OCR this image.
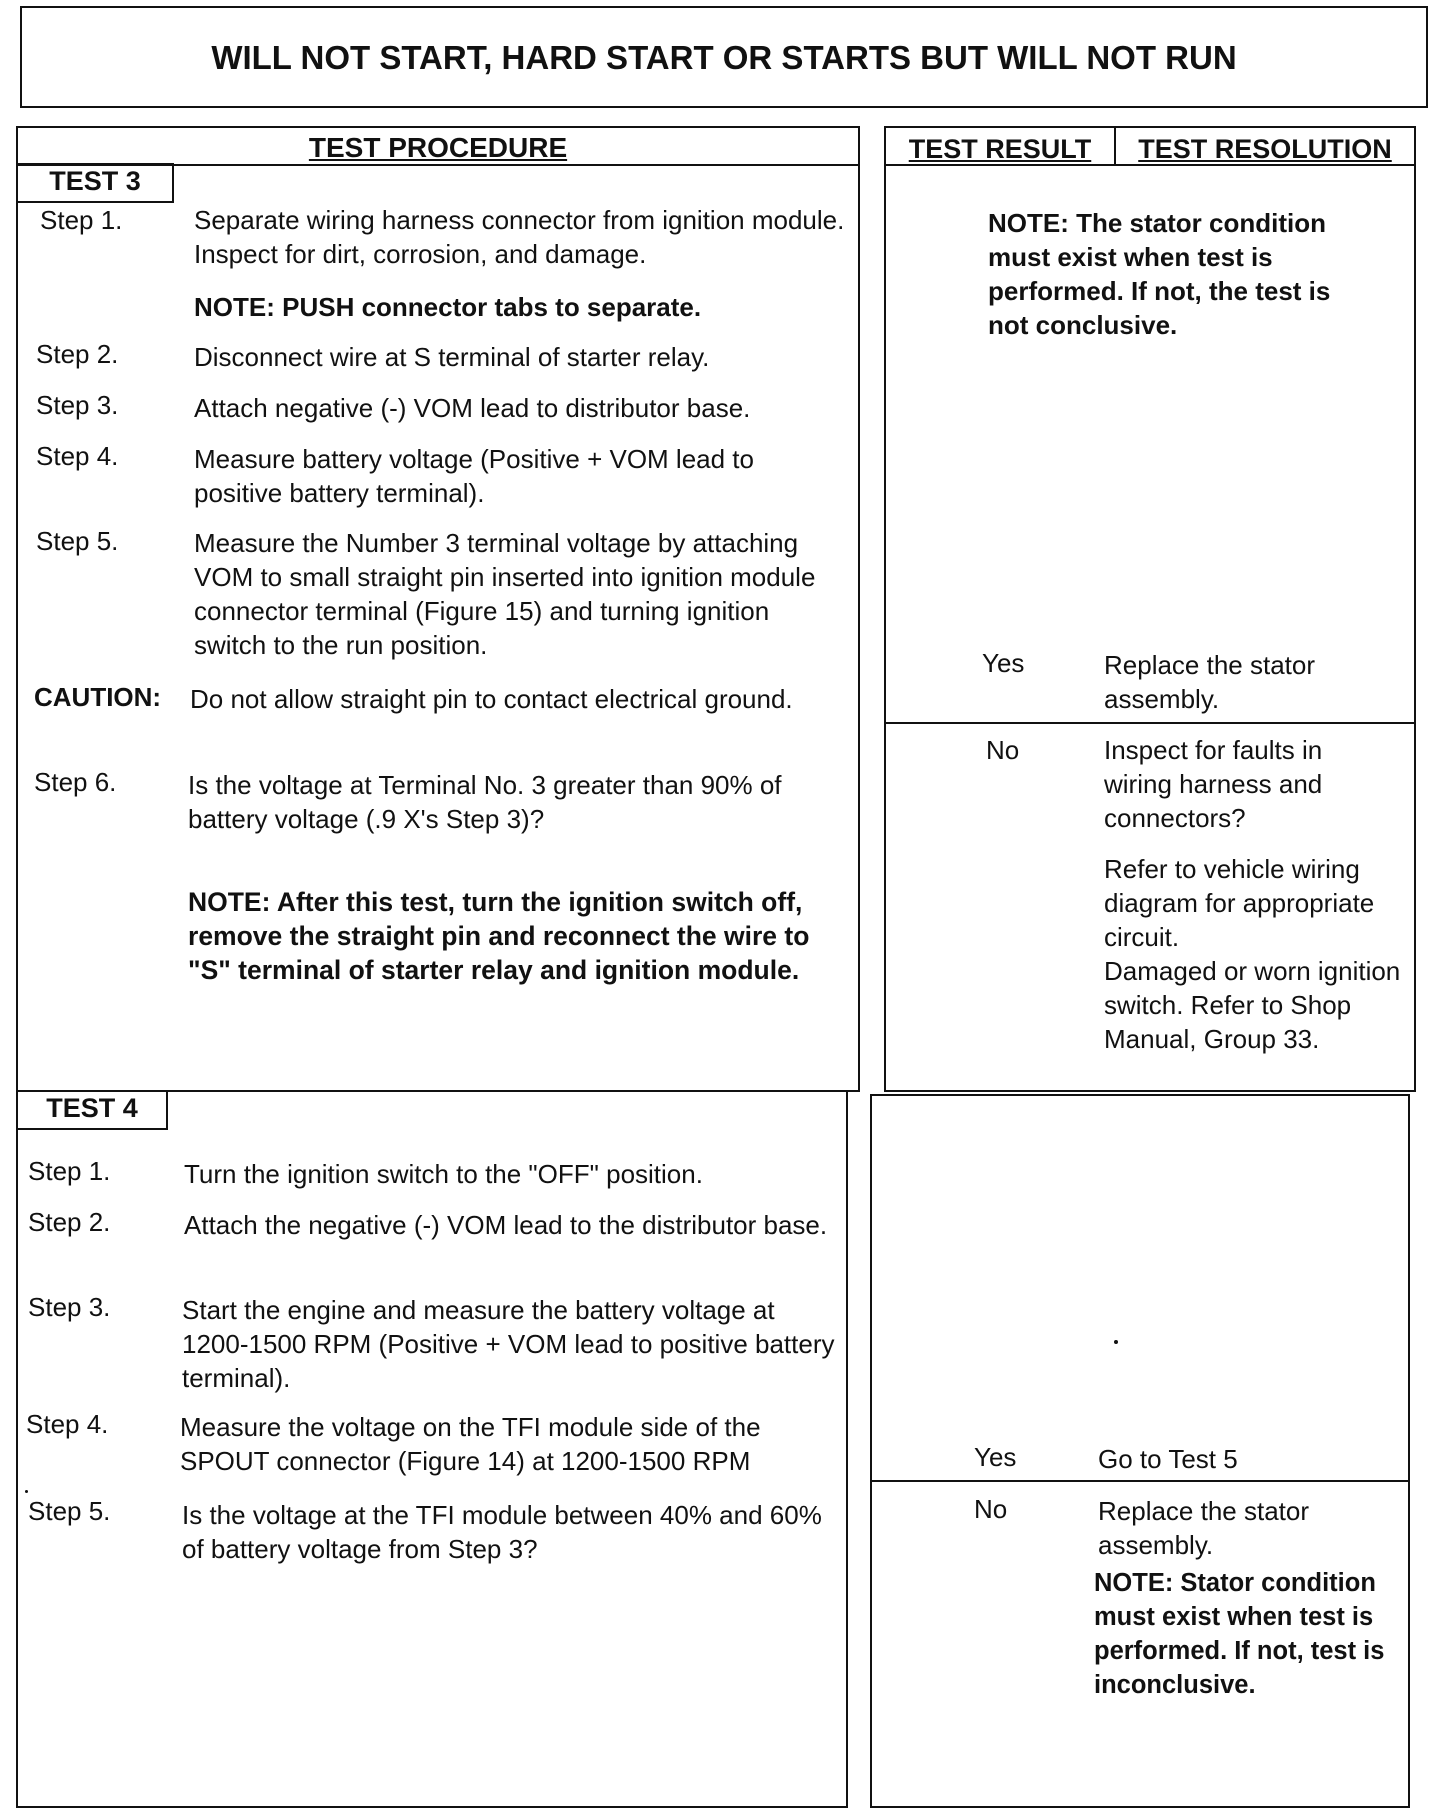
WILL NOT START, HARD START OR STARTS BUT WILL NOT RUN
TEST PROCEDURE
TEST 3
Step 1.	Separate wiring harness connector from ignition module. Inspect for dirt, corrosion, and damage.
NOTE: PUSH connector tabs to separate.
Step 2.	Disconnect wire at S terminal of starter relay.
Step 3.	Attach negative (-) VOM lead to distributor base.
Step 4.	Measure battery voltage (Positive + VOM lead to positive battery terminal).
Step 5.	Measure the Number 3 terminal voltage by attaching VOM to small straight pin inserted into ignition module connector terminal (Figure 15) and turning ignition switch to the run position.
CAUTION: Do not allow straight pin to contact electrical ground.
Step 6.	Is the voltage at Terminal No. 3 greater than 90% of battery voltage (.9 X's Step 3)?
NOTE: After this test, turn the ignition switch off, remove the straight pin and reconnect the wire to "S" terminal of starter relay and ignition module.
TEST RESULT	TEST RESOLUTION
NOTE: The stator condition must exist when test is performed. If not, the test is not conclusive.
Yes	Replace the stator assembly.
No	Inspect for faults in wiring harness and connectors?
Refer to vehicle wiring diagram for appropriate circuit.
Damaged or worn ignition switch. Refer to Shop Manual, Group 33.
TEST 4
Step 1.	Turn the ignition switch to the "OFF" position.
Step 2.	Attach the negative (-) VOM lead to the distributor base.
Step 3.	Start the engine and measure the battery voltage at 1200-1500 RPM (Positive + VOM lead to positive battery terminal).
Step 4.	Measure the voltage on the TFI module side of the SPOUT connector (Figure 14) at 1200-1500 RPM
Step 5.	Is the voltage at the TFI module between 40% and 60% of battery voltage from Step 3?
Yes	Go to Test 5
No	Replace the stator assembly.
NOTE: Stator condition must exist when test is performed. If not, test is inconclusive.
